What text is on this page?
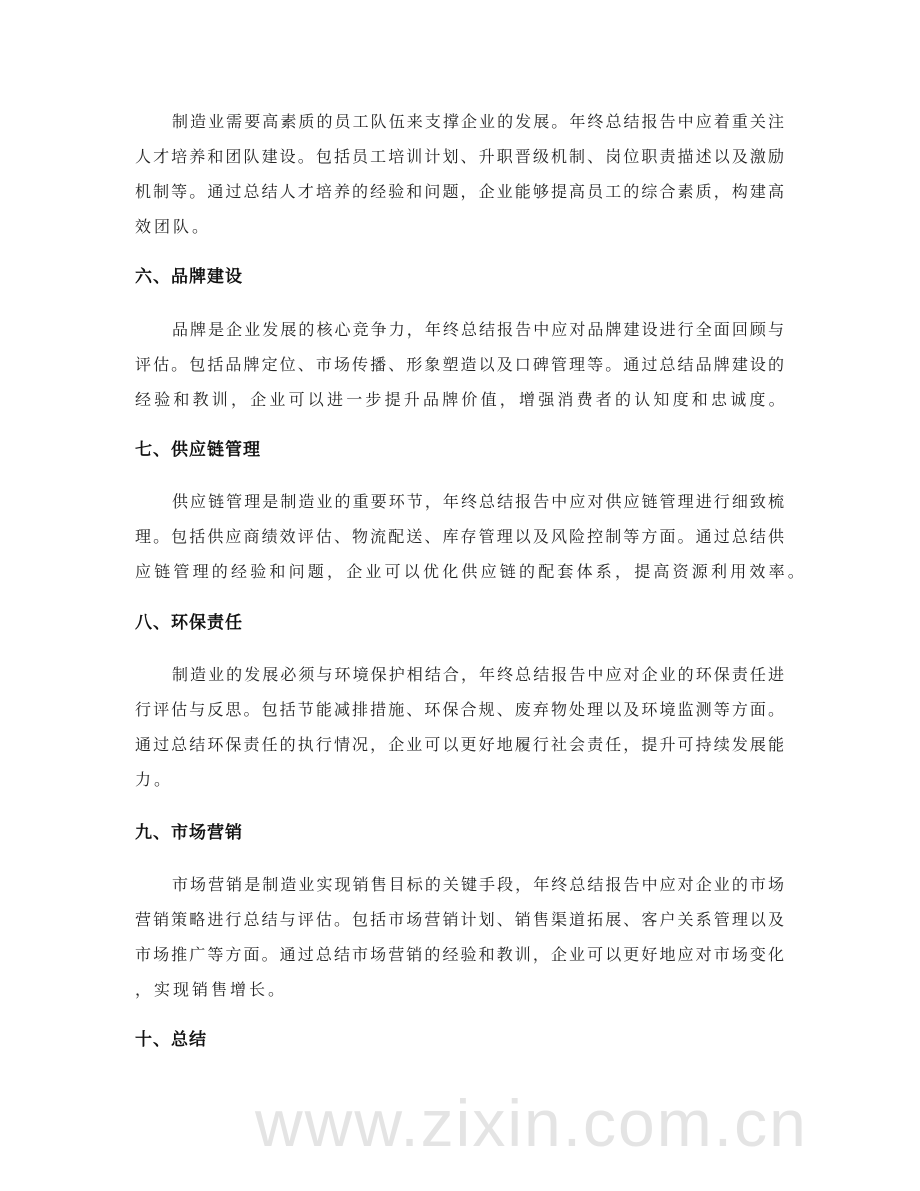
www.zixin.com.cn
制造业需要高素质的员工队伍来支撑企业的发展。年终总结报告中应着重关注
人才培养和团队建设。包括员工培训计划、升职晋级机制、岗位职责描述以及激励
机制等。通过总结人才培养的经验和问题，企业能够提高员工的综合素质，构建高
效团队。
六、品牌建设
品牌是企业发展的核心竞争力，年终总结报告中应对品牌建设进行全面回顾与
评估。包括品牌定位、市场传播、形象塑造以及口碑管理等。通过总结品牌建设的
经验和教训，企业可以进一步提升品牌价值，增强消费者的认知度和忠诚度。
七、供应链管理
供应链管理是制造业的重要环节，年终总结报告中应对供应链管理进行细致梳
理。包括供应商绩效评估、物流配送、库存管理以及风险控制等方面。通过总结供
应链管理的经验和问题，企业可以优化供应链的配套体系，提高资源利用效率。
八、环保责任
制造业的发展必须与环境保护相结合，年终总结报告中应对企业的环保责任进
行评估与反思。包括节能减排措施、环保合规、废弃物处理以及环境监测等方面。
通过总结环保责任的执行情况，企业可以更好地履行社会责任，提升可持续发展能
力。
九、市场营销
市场营销是制造业实现销售目标的关键手段，年终总结报告中应对企业的市场
营销策略进行总结与评估。包括市场营销计划、销售渠道拓展、客户关系管理以及
市场推广等方面。通过总结市场营销的经验和教训，企业可以更好地应对市场变化
，实现销售增长。
十、总结
